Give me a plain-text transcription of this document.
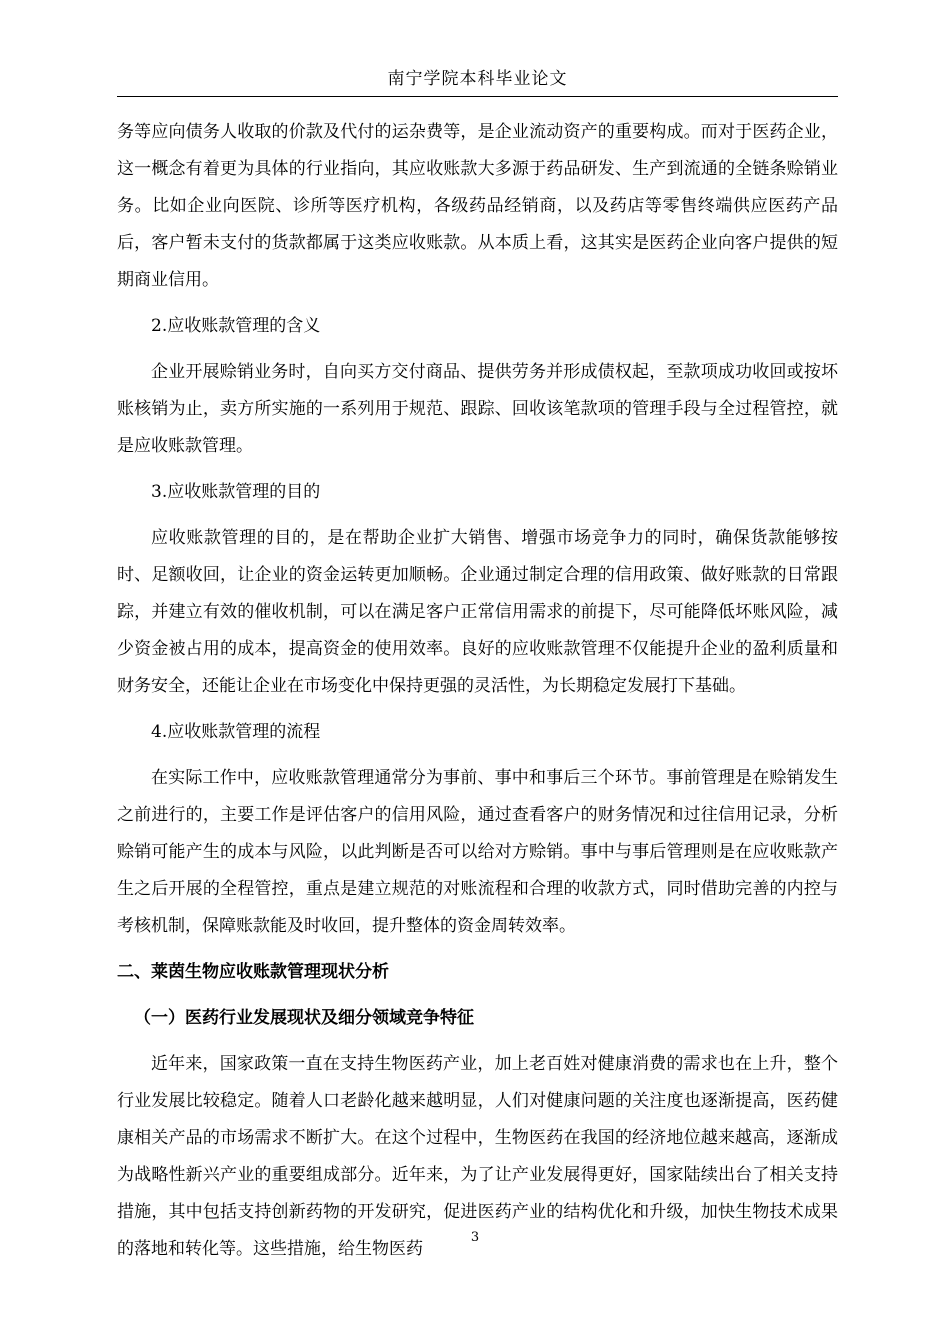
南宁学院本科毕业论文

务等应向债务人收取的价款及代付的运杂费等，是企业流动资产的重要构成。而对于医药企业，这一概念有着更为具体的行业指向，其应收账款大多源于药品研发、生产到流通的全链条赊销业务。比如企业向医院、诊所等医疗机构，各级药品经销商，以及药店等零售终端供应医药产品后，客户暂未支付的货款都属于这类应收账款。从本质上看，这其实是医药企业向客户提供的短期商业信用。

2.应收账款管理的含义

企业开展赊销业务时，自向买方交付商品、提供劳务并形成债权起，至款项成功收回或按坏账核销为止，卖方所实施的一系列用于规范、跟踪、回收该笔款项的管理手段与全过程管控，就是应收账款管理。

3.应收账款管理的目的

应收账款管理的目的，是在帮助企业扩大销售、增强市场竞争力的同时，确保货款能够按时、足额收回，让企业的资金运转更加顺畅。企业通过制定合理的信用政策、做好账款的日常跟踪，并建立有效的催收机制，可以在满足客户正常信用需求的前提下，尽可能降低坏账风险，减少资金被占用的成本，提高资金的使用效率。良好的应收账款管理不仅能提升企业的盈利质量和财务安全，还能让企业在市场变化中保持更强的灵活性，为长期稳定发展打下基础。

4.应收账款管理的流程

在实际工作中，应收账款管理通常分为事前、事中和事后三个环节。事前管理是在赊销发生之前进行的，主要工作是评估客户的信用风险，通过查看客户的财务情况和过往信用记录，分析赊销可能产生的成本与风险，以此判断是否可以给对方赊销。事中与事后管理则是在应收账款产生之后开展的全程管控，重点是建立规范的对账流程和合理的收款方式，同时借助完善的内控与考核机制，保障账款能及时收回，提升整体的资金周转效率。

二、莱茵生物应收账款管理现状分析
（一）医药行业发展现状及细分领域竞争特征

近年来，国家政策一直在支持生物医药产业，加上老百姓对健康消费的需求也在上升，整个行业发展比较稳定。随着人口老龄化越来越明显，人们对健康问题的关注度也逐渐提高，医药健康相关产品的市场需求不断扩大。在这个过程中，生物医药在我国的经济地位越来越高，逐渐成为战略性新兴产业的重要组成部分。近年来，为了让产业发展得更好，国家陆续出台了相关支持措施，其中包括支持创新药物的开发研究，促进医药产业的结构优化和升级，加快生物技术成果的落地和转化等。这些措施，给生物医药

3
